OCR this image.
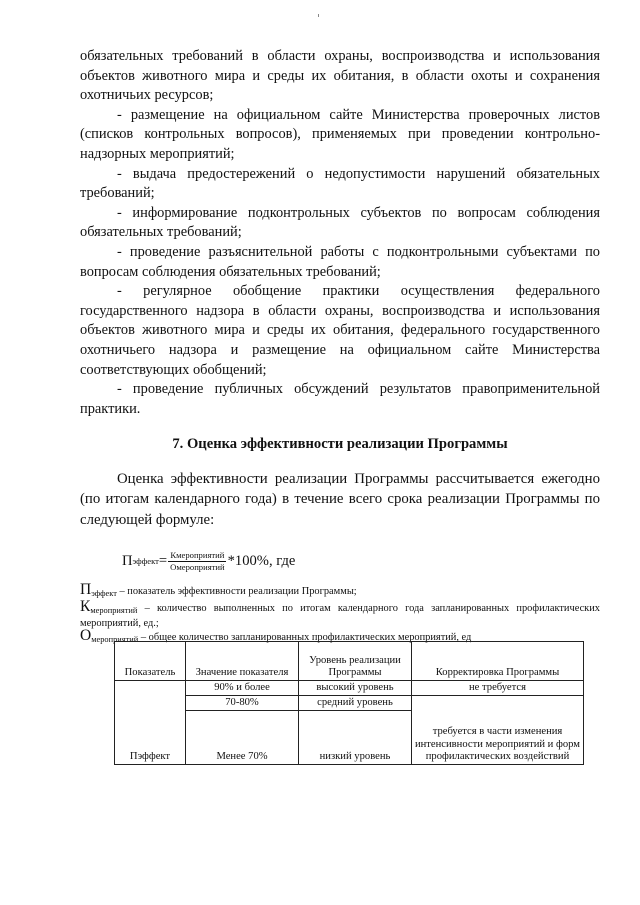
обязательных требований в области охраны, воспроизводства и использования объектов животного мира и среды их обитания, в области охоты и сохранения охотничьих ресурсов;

- размещение на официальном сайте Министерства проверочных листов (списков контрольных вопросов), применяемых при проведении контрольно-надзорных мероприятий;

- выдача предостережений о недопустимости нарушений обязательных требований;

- информирование подконтрольных субъектов по вопросам соблюдения обязательных требований;

- проведение разъяснительной работы с подконтрольными субъектами по вопросам соблюдения обязательных требований;

- регулярное обобщение практики осуществления федерального государственного надзора в области охраны, воспроизводства и использования объектов животного мира и среды их обитания, федерального государственного охотничьего надзора и размещение на официальном сайте Министерства соответствующих обобщений;

- проведение публичных обсуждений результатов правоприменительной практики.

7. Оценка эффективности реализации Программы

Оценка эффективности реализации Программы рассчитывается ежегодно (по итогам календарного года) в течение всего срока реализации Программы по следующей формуле:

П эффект = $\frac{\text{Кмероприятий}}{\text{Омероприятий}} *100\%$, где

Пэффект – показатель эффективности реализации Программы;

Кмероприятий – количество выполненных по итогам календарного года запланированных профилактических мероприятий, ед.;

Омероприятий – общее количество запланированных профилактических мероприятий, ед

Показатель	Значение показателя	Уровень реализации Программы	Корректировка Программы
Пэффект	90% и более	высокий уровень	не требуется
	70-80%	средний уровень	требуется в части изменения интенсивности мероприятий и форм профилактических воздействий
	Менее 70%	низкий уровень	
